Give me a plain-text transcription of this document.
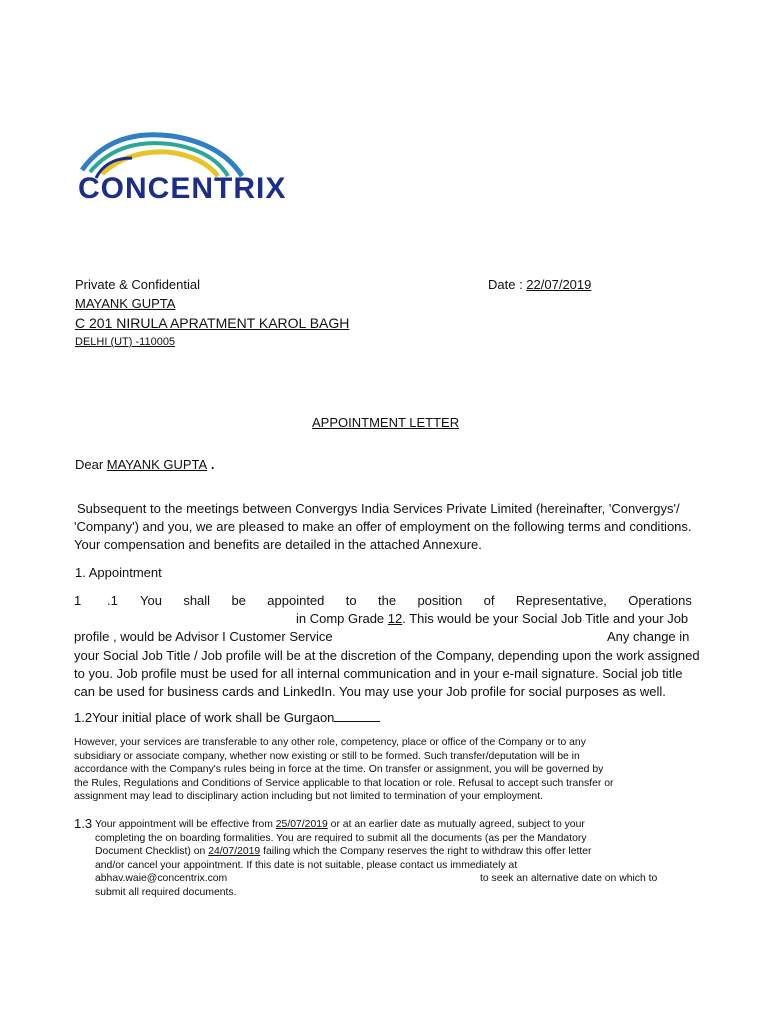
CONCENTRIX
Private & Confidential	Date : 22/07/2019
MAYANK GUPTA
C 201 NIRULA APRATMENT KAROL BAGH
DELHI (UT) -110005
APPOINTMENT LETTER
Dear MAYANK GUPTA .
Subsequent to the meetings between Convergys India Services Private Limited (hereinafter, 'Convergys'/
'Company') and you, we are pleased to make an offer of employment on the following terms and conditions.
Your compensation and benefits are detailed in the attached Annexure.
1. Appointment
1 .1 You shall be appointed to the position of Representative, Operations
in Comp Grade 12. This would be your Social Job Title and your Job
profile , would be Advisor I Customer Service	Any change in
your Social Job Title / Job profile will be at the discretion of the Company, depending upon the work assigned
to you. Job profile must be used for all internal communication and in your e-mail signature. Social job title
can be used for business cards and LinkedIn. You may use your Job profile for social purposes as well.
1.2Your initial place of work shall be Gurgaon
However, your services are transferable to any other role, competency, place or office of the Company or to any
subsidiary or associate company, whether now existing or still to be formed. Such transfer/deputation will be in
accordance with the Company's rules being in force at the time. On transfer or assignment, you will be governed by
the Rules, Regulations and Conditions of Service applicable to that location or role. Refusal to accept such transfer or
assignment may lead to disciplinary action including but not limited to termination of your employment.
1.3 Your appointment will be effective from 25/07/2019 or at an earlier date as mutually agreed, subject to your
completing the on boarding formalities. You are required to submit all the documents (as per the Mandatory
Document Checklist) on 24/07/2019 failing which the Company reserves the right to withdraw this offer letter
and/or cancel your appointment. If this date is not suitable, please contact us immediately at
abhav.waie@concentrix.com	to seek an alternative date on which to
submit all required documents.
